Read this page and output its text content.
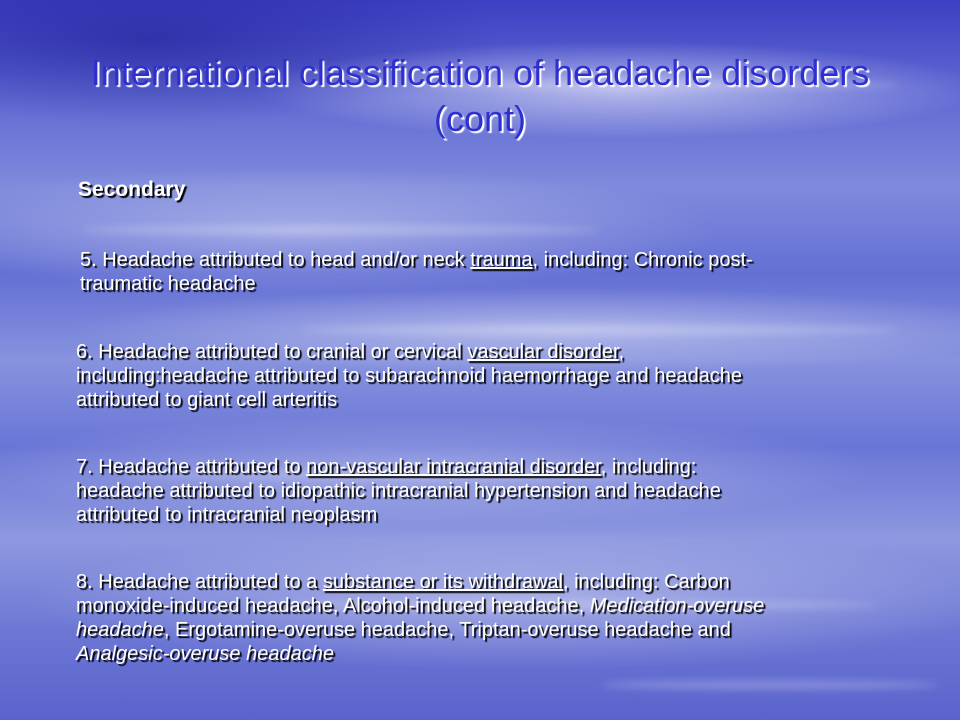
International classification of headache disorders
(cont)

Secondary

5. Headache attributed to head and/or neck trauma, including: Chronic post-
traumatic headache

6. Headache attributed to cranial or cervical vascular disorder,
including:headache attributed to subarachnoid haemorrhage and headache
attributed to giant cell arteritis

7. Headache attributed to non-vascular intracranial disorder, including:
headache attributed to idiopathic intracranial hypertension and headache
attributed to intracranial neoplasm

8. Headache attributed to a substance or its withdrawal, including: Carbon
monoxide-induced headache, Alcohol-induced headache, Medication-overuse
headache, Ergotamine-overuse headache, Triptan-overuse headache and
Analgesic-overuse headache
